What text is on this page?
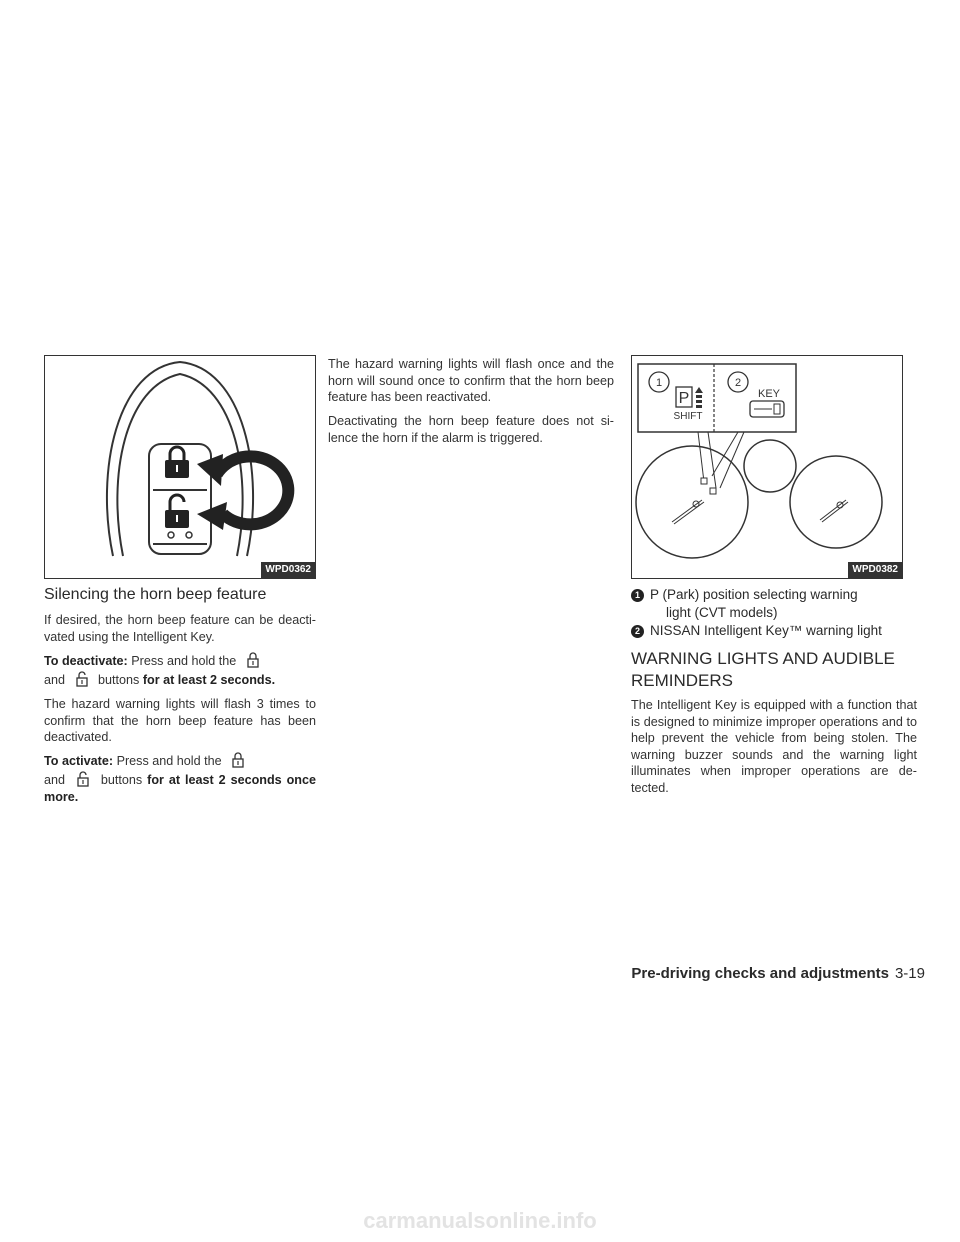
WPD0362
Silencing the horn beep feature

If desired, the horn beep feature can be deacti- vated using the Intelligent Key.

To deactivate: Press and hold the

and	buttons for at least 2 seconds.

The hazard warning lights will flash 3 times to confirm that the horn beep feature has been deactivated.

To activate: Press and hold the

and	buttons for at least 2 seconds once more.

The hazard warning lights will flash once and the horn will sound once to confirm that the horn beep feature has been reactivated.

Deactivating the horn beep feature does not si- lence the horn if the alarm is triggered.

1	2
P
SHIFT
KEY
WPD0382
1 P (Park) position selecting warning
light (CVT models)
2 NISSAN Intelligent Key™ warning light
WARNING LIGHTS AND AUDIBLE
REMINDERS

The Intelligent Key is equipped with a function that is designed to minimize improper operations and to help prevent the vehicle from being stolen. The warning buzzer sounds and the warning light illuminates when improper operations are de- tected.

Pre-driving checks and adjustments 3-19
carmanualsonline.info
